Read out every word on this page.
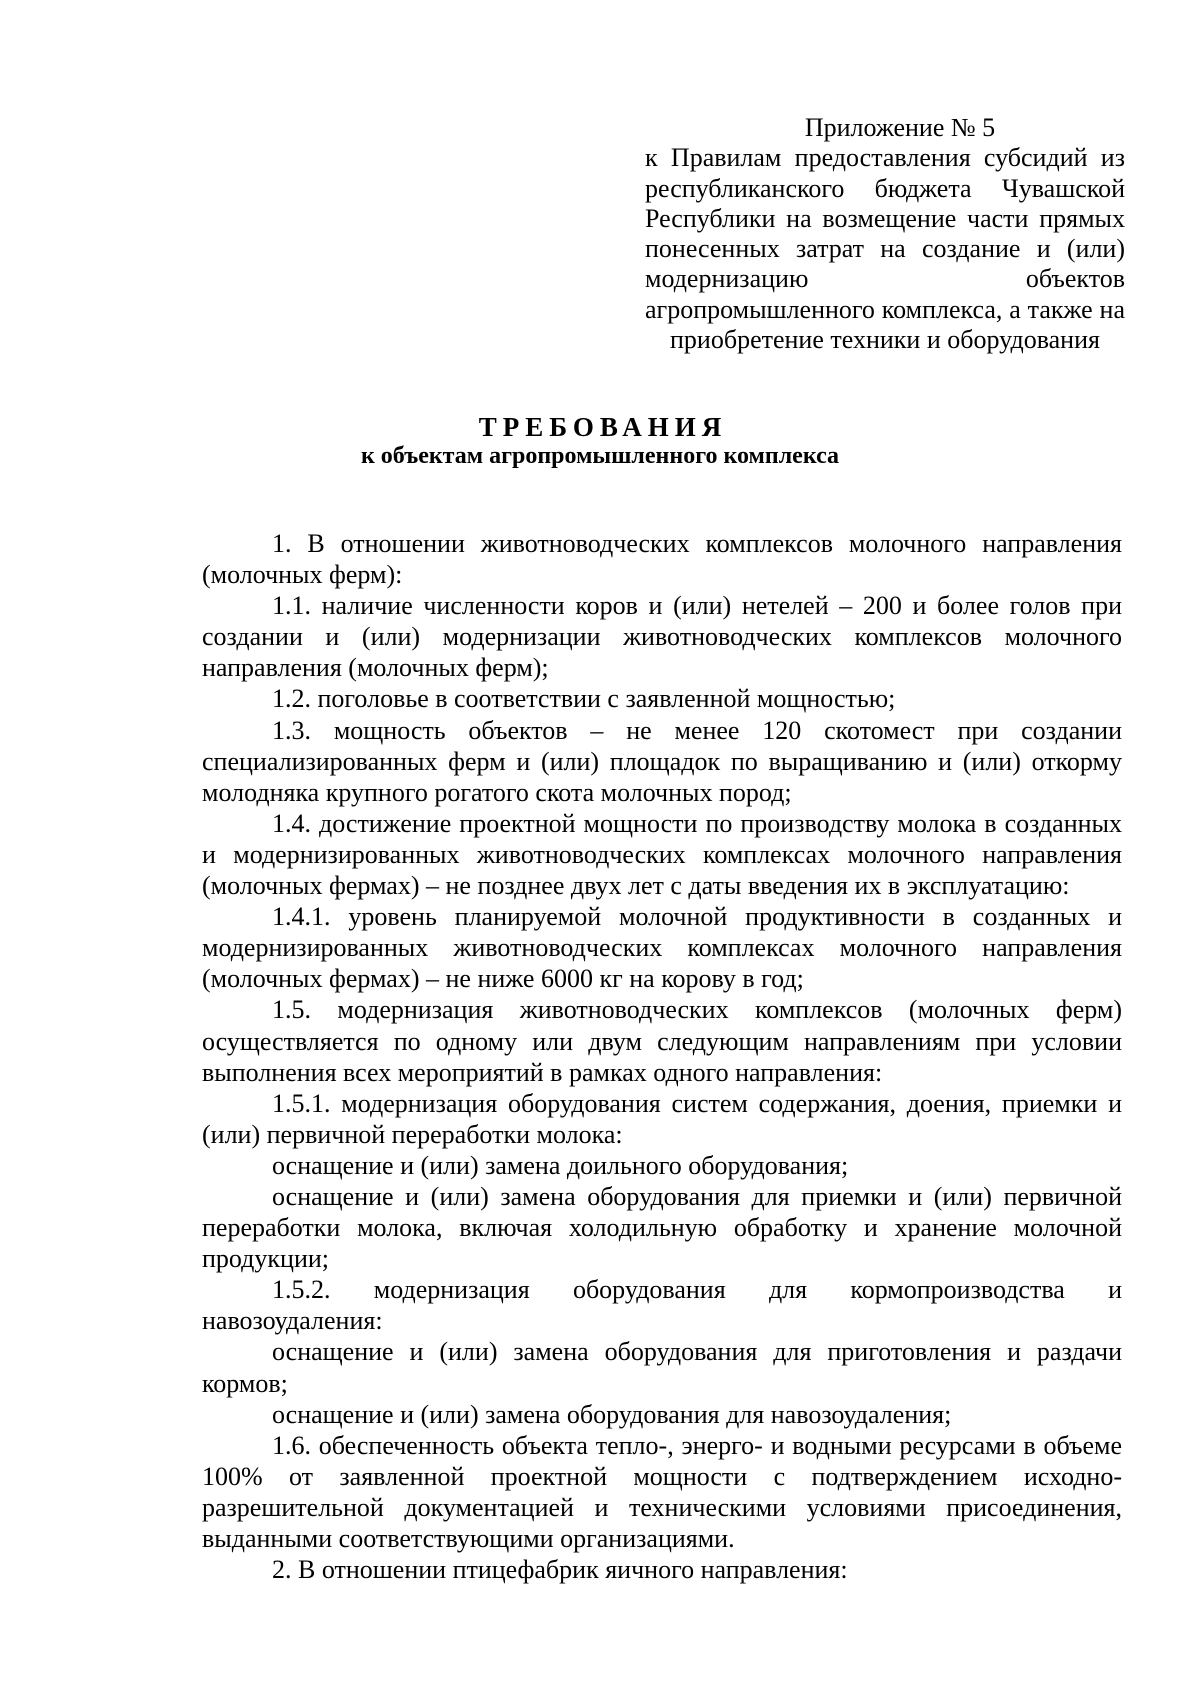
Приложение № 5
к Правилам предоставления субсидий из республиканского бюджета Чувашской Республики на возмещение части прямых понесенных затрат на создание и (или) модернизацию объектов агропромышленного комплекса, а также на приобретение техники и оборудования
ТРЕБОВАНИЯ
к объектам агропромышленного комплекса

1. В отношении животноводческих комплексов молочного направления (молочных ферм):

1.1. наличие численности коров и (или) нетелей – 200 и более голов при создании и (или) модернизации животноводческих комплексов молочного направления (молочных ферм);

1.2. поголовье в соответствии с заявленной мощностью;

1.3. мощность объектов – не менее 120 скотомест при создании специализированных ферм и (или) площадок по выращиванию и (или) откорму молодняка крупного рогатого скота молочных пород;

1.4. достижение проектной мощности по производству молока в созданных и модернизированных животноводческих комплексах молочного направления (молочных фермах) – не позднее двух лет с даты введения их в эксплуатацию:

1.4.1. уровень планируемой молочной продуктивности в созданных и модернизированных животноводческих комплексах молочного направления (молочных фермах) – не ниже 6000 кг на корову в год;

1.5. модернизация животноводческих комплексов (молочных ферм) осуществляется по одному или двум следующим направлениям при условии выполнения всех мероприятий в рамках одного направления:

1.5.1. модернизация оборудования систем содержания, доения, приемки и (или) первичной переработки молока:

оснащение и (или) замена доильного оборудования;

оснащение и (или) замена оборудования для приемки и (или) первичной переработки молока, включая холодильную обработку и хранение молочной продукции;

1.5.2. модернизация оборудования для кормопроизводства и навозоудаления:

оснащение и (или) замена оборудования для приготовления и раздачи кормов;

оснащение и (или) замена оборудования для навозоудаления;

1.6. обеспеченность объекта тепло-, энерго- и водными ресурсами в объеме 100% от заявленной проектной мощности с подтверждением исходно-разрешительной документацией и техническими условиями присоединения, выданными соответствующими организациями.

2. В отношении птицефабрик яичного направления:
